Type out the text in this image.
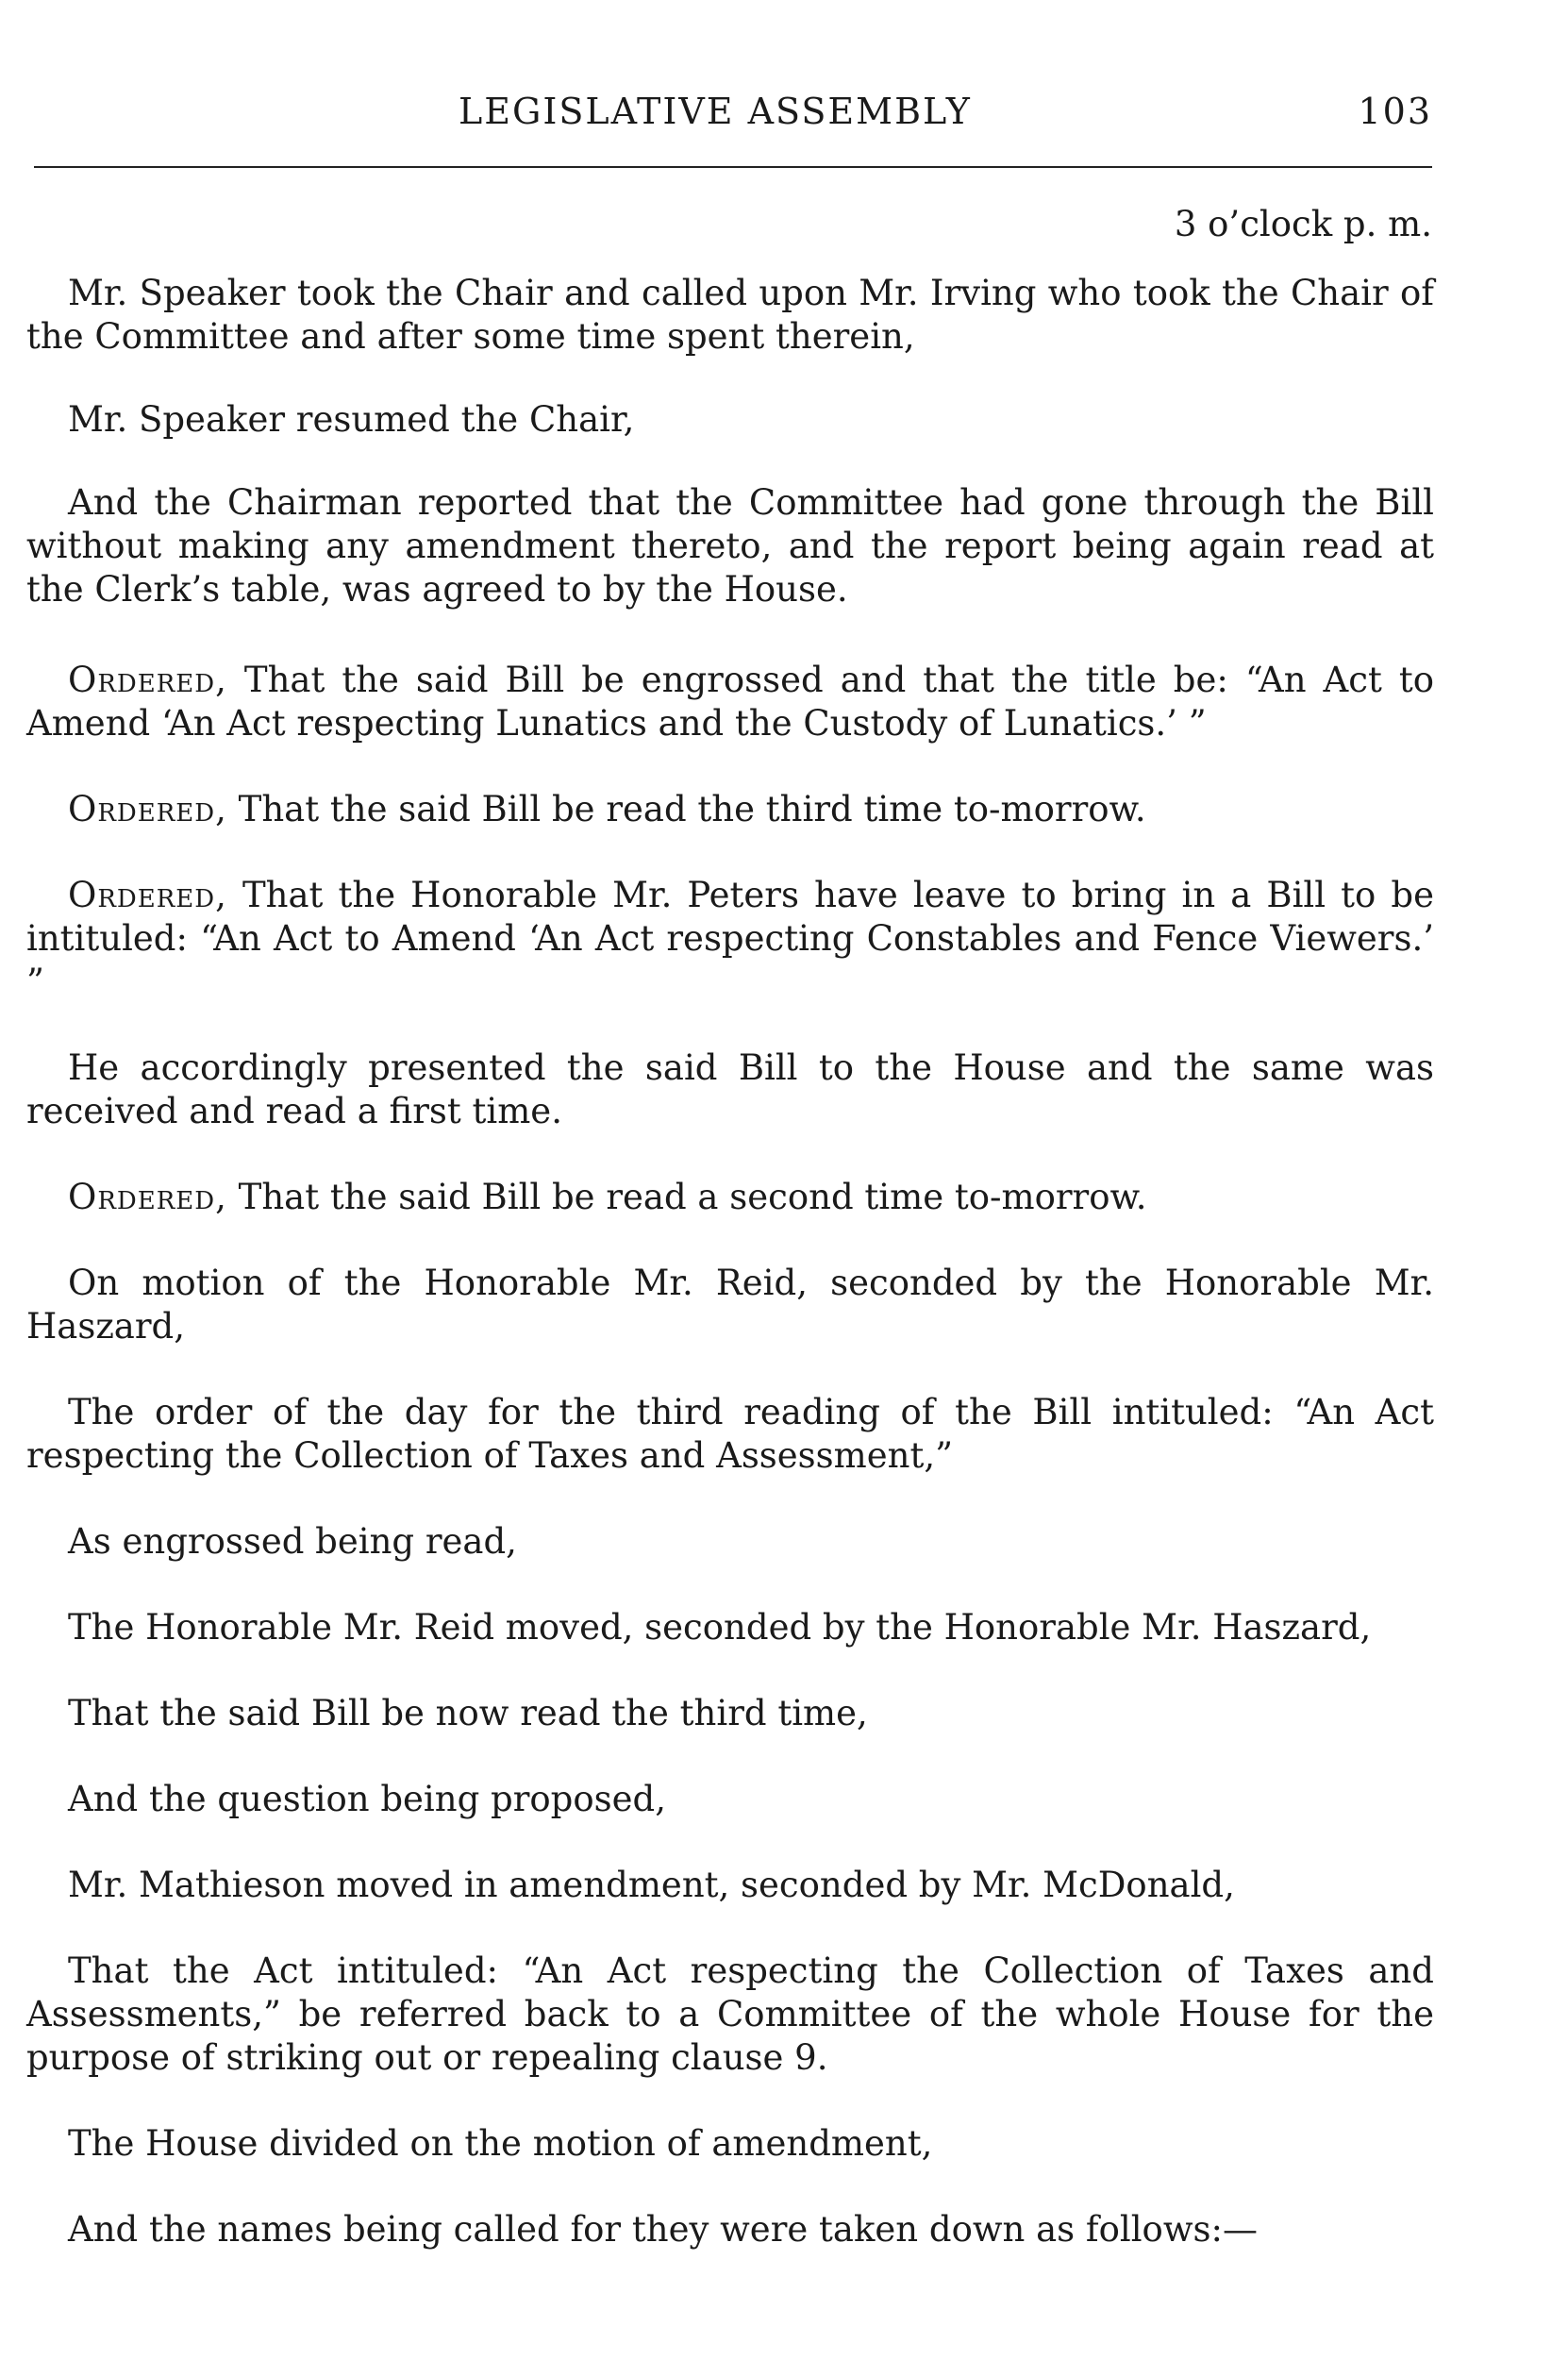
LEGISLATIVE ASSEMBLY	103
3 o’clock p. m.

Mr. Speaker took the Chair and called upon Mr. Irving who took the Chair of the Committee and after some time spent therein,

Mr. Speaker resumed the Chair,

And the Chairman reported that the Committee had gone through the Bill without making any amendment thereto, and the report being again read at the Clerk’s table, was agreed to by the House.

Ordered, That the said Bill be engrossed and that the title be: “An Act to Amend ‘An Act respecting Lunatics and the Custody of Lunatics.’ ”

Ordered, That the said Bill be read the third time to-morrow.

Ordered, That the Honorable Mr. Peters have leave to bring in a Bill to be intituled: “An Act to Amend ‘An Act respecting Constables and Fence Viewers.’ ”

He accordingly presented the said Bill to the House and the same was received and read a first time.

Ordered, That the said Bill be read a second time to-morrow.

On motion of the Honorable Mr. Reid, seconded by the Honorable Mr. Haszard,

The order of the day for the third reading of the Bill intituled: “An Act respecting the Collection of Taxes and Assessment,”

As engrossed being read,

The Honorable Mr. Reid moved, seconded by the Honorable Mr. Haszard,

That the said Bill be now read the third time,

And the question being proposed,

Mr. Mathieson moved in amendment, seconded by Mr. McDonald,

That the Act intituled: “An Act respecting the Collection of Taxes and Assessments,” be referred back to a Committee of the whole House for the purpose of striking out or repealing clause 9.

The House divided on the motion of amendment,

And the names being called for they were taken down as follows:—
